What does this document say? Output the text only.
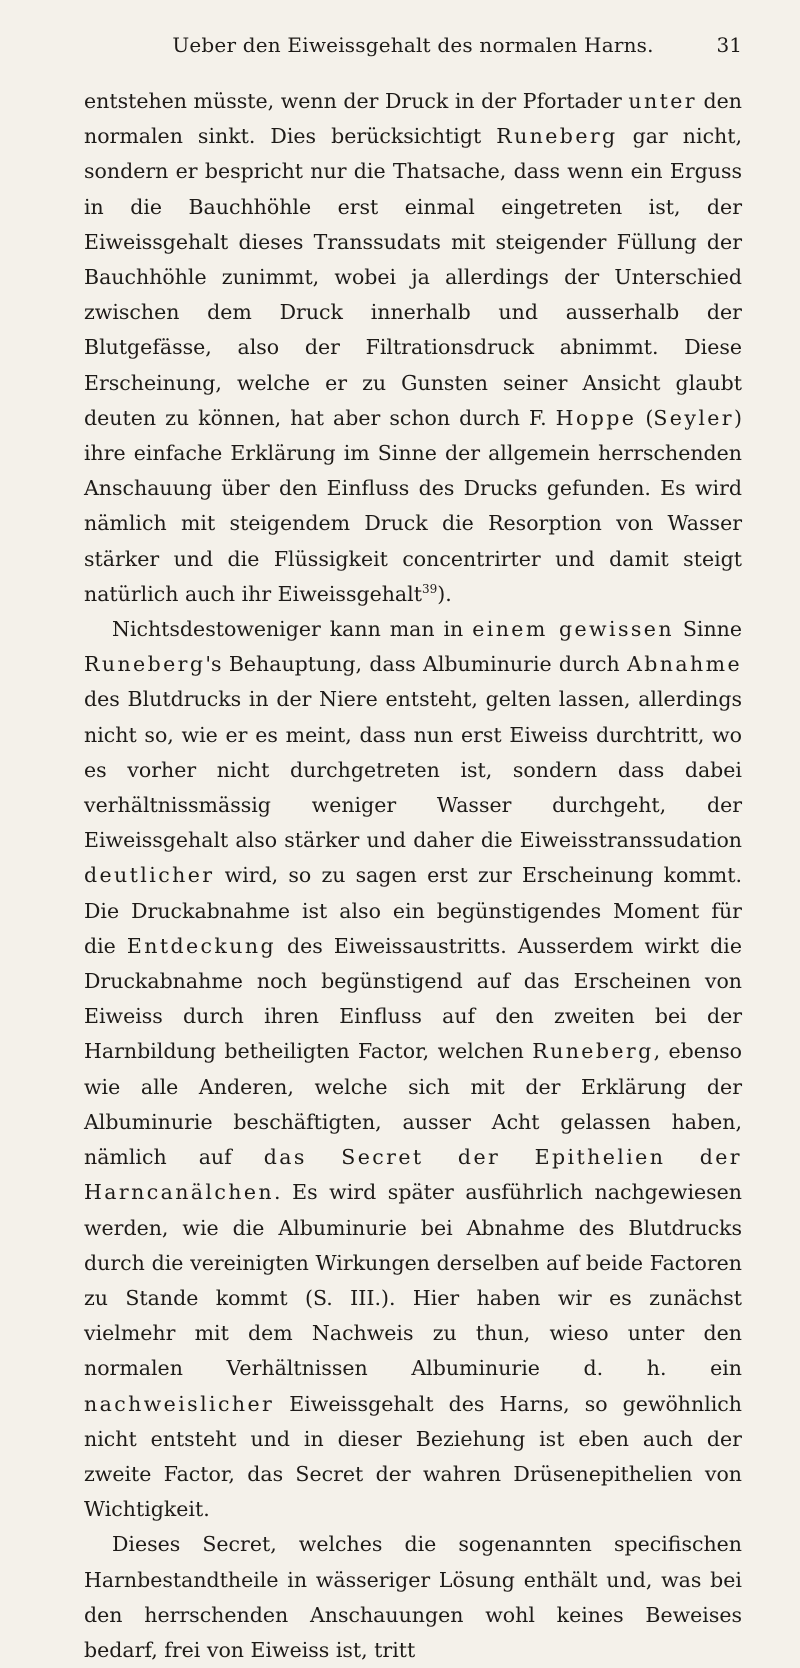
Ueber den Eiweissgehalt des normalen Harns.	31

entstehen müsste, wenn der Druck in der Pfortader unter den normalen sinkt. Dies berücksichtigt Runeberg gar nicht, sondern er bespricht nur die Thatsache, dass wenn ein Erguss in die Bauchhöhle erst einmal eingetreten ist, der Eiweissgehalt dieses Transsudats mit steigender Füllung der Bauchhöhle zunimmt, wobei ja allerdings der Unterschied zwischen dem Druck innerhalb und ausserhalb der Blutgefässe, also der Filtrationsdruck abnimmt. Diese Erscheinung, welche er zu Gunsten seiner Ansicht glaubt deuten zu können, hat aber schon durch F. Hoppe (Seyler) ihre einfache Erklärung im Sinne der allgemein herrschenden Anschauung über den Einfluss des Drucks gefunden. Es wird nämlich mit steigendem Druck die Resorption von Wasser stärker und die Flüssigkeit concentrirter und damit steigt natürlich auch ihr Eiweissgehalt$^{39}$).

Nichtsdestoweniger kann man in einem gewissen Sinne Runeberg's Behauptung, dass Albuminurie durch Abnahme des Blutdrucks in der Niere entsteht, gelten lassen, allerdings nicht so, wie er es meint, dass nun erst Eiweiss durchtritt, wo es vorher nicht durchgetreten ist, sondern dass dabei verhältnissmässig weniger Wasser durchgeht, der Eiweissgehalt also stärker und daher die Eiweisstranssudation deutlicher wird, so zu sagen erst zur Erscheinung kommt. Die Druckabnahme ist also ein begünstigendes Moment für die Entdeckung des Eiweissaustritts. Ausserdem wirkt die Druckabnahme noch begünstigend auf das Erscheinen von Eiweiss durch ihren Einfluss auf den zweiten bei der Harnbildung betheiligten Factor, welchen Runeberg, ebenso wie alle Anderen, welche sich mit der Erklärung der Albuminurie beschäftigten, ausser Acht gelassen haben, nämlich auf das Secret der Epithelien der Harncanälchen. Es wird später ausführlich nachgewiesen werden, wie die Albuminurie bei Abnahme des Blutdrucks durch die vereinigten Wirkungen derselben auf beide Factoren zu Stande kommt (S. III.). Hier haben wir es zunächst vielmehr mit dem Nachweis zu thun, wieso unter den normalen Verhältnissen Albuminurie d. h. ein nachweislicher Eiweissgehalt des Harns, so gewöhnlich nicht entsteht und in dieser Beziehung ist eben auch der zweite Factor, das Secret der wahren Drüsenepithelien von Wichtigkeit.

Dieses Secret, welches die sogenannten specifischen Harnbestandtheile in wässeriger Lösung enthält und, was bei den herrschenden Anschauungen wohl keines Beweises bedarf, frei von Eiweiss ist, tritt
